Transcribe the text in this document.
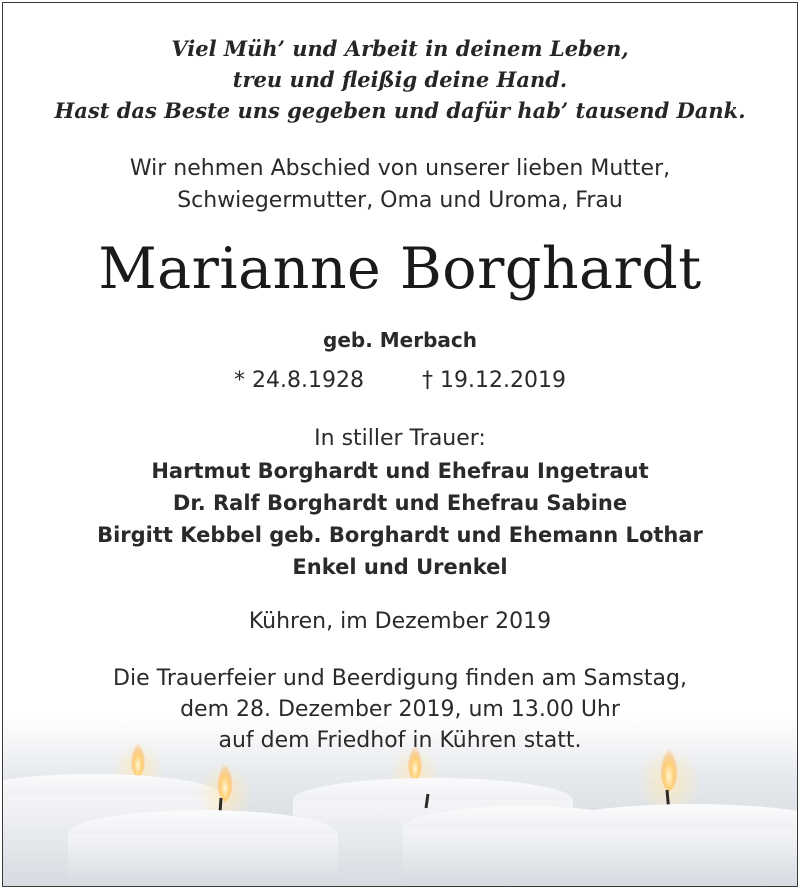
Viel Müh’ und Arbeit in deinem Leben,
treu und fleißig deine Hand.
Hast das Beste uns gegeben und dafür hab’ tausend Dank.
Wir nehmen Abschied von unserer lieben Mutter,
Schwiegermutter, Oma und Uroma, Frau
Marianne Borghardt
geb. Merbach
* 24.8.1928	† 19.12.2019
In stiller Trauer:
Hartmut Borghardt und Ehefrau Ingetraut
Dr. Ralf Borghardt und Ehefrau Sabine
Birgitt Kebbel geb. Borghardt und Ehemann Lothar
Enkel und Urenkel
Kühren, im Dezember 2019
Die Trauerfeier und Beerdigung finden am Samstag,
dem 28. Dezember 2019, um 13.00 Uhr
auf dem Friedhof in Kühren statt.
